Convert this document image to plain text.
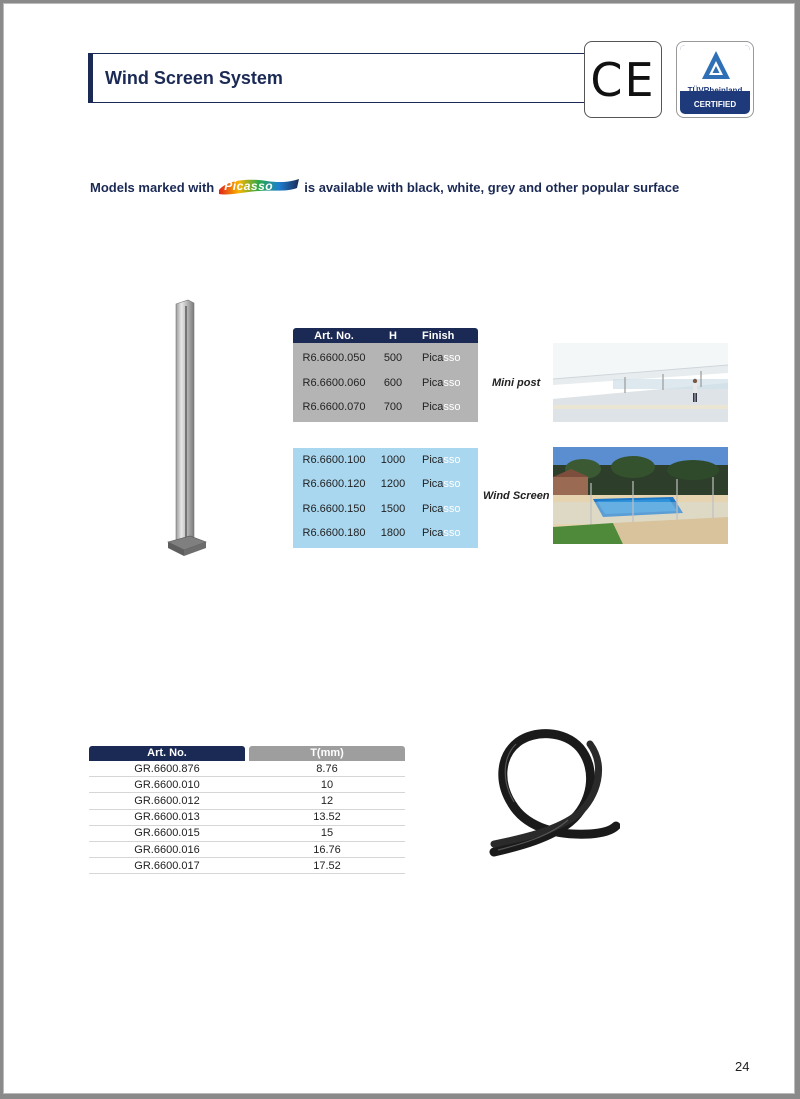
Wind Screen System	CE	TÜVRheinland
CERTIFIED
Models marked with Picasso is available with black, white, grey and other popular surface
Art. No.	H	Finish
R6.6600.050	500	Picasso
R6.6600.060	600	Picasso
R6.6600.070	700	Picasso
R6.6600.100	1000	Picasso
R6.6600.120	1200	Picasso
R6.6600.150	1500	Picasso
R6.6600.180	1800	Picasso
Mini post
Wind Screen
Art. No.	T(mm)
GR.6600.876	8.76
GR.6600.010	10
GR.6600.012	12
GR.6600.013	13.52
GR.6600.015	15
GR.6600.016	16.76
GR.6600.017	17.52
24
